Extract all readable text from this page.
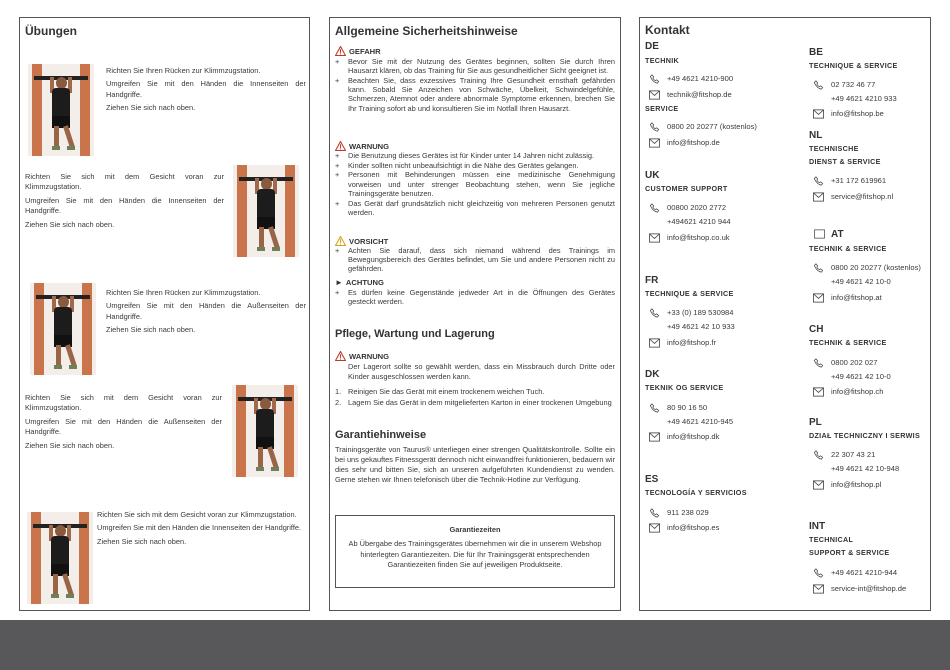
Übungen

Richten Sie Ihren Rücken zur Klimmzugstation.

Umgreifen Sie mit den Händen die Innenseiten der Handgriffe.

Ziehen Sie sich nach oben.

Richten Sie sich mit dem Gesicht voran zur Klimmzugstation.

Umgreifen Sie mit den Händen die Innenseiten der Handgriffe.

Ziehen Sie sich nach oben.

Richten Sie Ihren Rücken zur Klimmzugstation.

Umgreifen Sie mit den Händen die Außenseiten der Handgriffe.

Ziehen Sie sich nach oben.

Richten Sie sich mit dem Gesicht voran zur Klimmzugstation.

Umgreifen Sie mit den Händen die Außenseiten der Handgriffe.

Ziehen Sie sich nach oben.

Richten Sie sich mit dem Gesicht voran zur Klimmzugstation.

Umgreifen Sie mit den Händen die Innenseiten der Handgriffe.

Ziehen Sie sich nach oben.

Allgemeine Sicherheitshinweise
GEFAHR
+ Bevor Sie mit der Nutzung des Gerätes beginnen, sollten Sie durch Ihren Hausarzt klären, ob das Training für Sie aus gesundheitlicher Sicht geeignet ist.
+ Beachten Sie, dass exzessives Training Ihre Gesundheit ernsthaft gefährden kann. Sobald Sie Anzeichen von Schwäche, Übelkeit, Schwindelgefühle, Schmerzen, Atemnot oder andere abnormale Symptome erkennen, brechen Sie Ihr Training sofort ab und konsultieren Sie im Notfall Ihren Hausarzt.
WARNUNG
+ Die Benutzung dieses Gerätes ist für Kinder unter 14 Jahren nicht zulässig.
+ Kinder sollten nicht unbeaufsichtigt in die Nähe des Gerätes gelangen.
+ Personen mit Behinderungen müssen eine medizinische Genehmigung vorweisen und unter strenger Beobachtung stehen, wenn Sie jegliche Trainingsgeräte benutzen.
+ Das Gerät darf grundsätzlich nicht gleichzeitig von mehreren Personen genutzt werden.
VORSICHT
+ Achten Sie darauf, dass sich niemand während des Trainings im Bewegungsbereich des Gerätes befindet, um Sie und andere Personen nicht zu gefährden.
► ACHTUNG
+ Es dürfen keine Gegenstände jedweder Art in die Öffnungen des Gerätes gesteckt werden.
Pflege, Wartung und Lagerung
WARNUNG

Der Lagerort sollte so gewählt werden, dass ein Missbrauch durch Dritte oder Kinder ausgeschlossen werden kann.

1. Reinigen Sie das Gerät mit einem trockenem weichen Tuch.
2. Lagern Sie das Gerät in dem mitgelieferten Karton in einer trockenen Umgebung
Garantiehinweise

Trainingsgeräte von Taurus® unterliegen einer strengen Qualitätskontrolle. Sollte ein bei uns gekauftes Fitnessgerät dennoch nicht einwandfrei funktionieren, bedauern wir dies sehr und bitten Sie, sich an unseren aufgeführten Kundendienst zu wenden. Gerne stehen wir Ihnen telefonisch über die Technik-Hotline zur Verfügung.

Garantiezeiten
Ab Übergabe des Trainingsgerätes übernehmen wir die in unserem Webshop hinterlegten Garantiezeiten. Die für Ihr Trainingsgerät entsprechenden Garantiezeiten finden Sie auf jeweiligen Produktseite.
Kontakt
DE
TECHNIK
+49 4621 4210-900
technik@fitshop.de
SERVICE
0800 20 20277 (kostenlos)
info@fitshop.de
UK
CUSTOMER SUPPORT
00800 2020 2772
+494621 4210 944
info@fitshop.co.uk
FR
TECHNIQUE & SERVICE
+33 (0) 189 530984
+49 4621 42 10 933
info@fitshop.fr
DK
TEKNIK OG SERVICE
80 90 16 50
+49 4621 4210-945
info@fitshop.dk
ES
TECNOLOGÍA Y SERVICIOS
911 238 029
info@fitshop.es
BE
TECHNIQUE & SERVICE
02 732 46 77
+49 4621 4210 933
info@fitshop.be
NL
TECHNISCHE
DIENST & SERVICE
+31 172 619961
service@fitshop.nl
AT
TECHNIK & SERVICE
0800 20 20277 (kostenlos)
+49 4621 42 10-0
info@fitshop.at
CH
TECHNIK & SERVICE
0800 202 027
+49 4621 42 10-0
info@fitshop.ch
PL
DZIAŁ TECHNICZNY I SERWIS
22 307 43 21
+49 4621 42 10-948
info@fitshop.pl
INT
TECHNICAL
SUPPORT & SERVICE
+49 4621 4210-944
service-int@fitshop.de
